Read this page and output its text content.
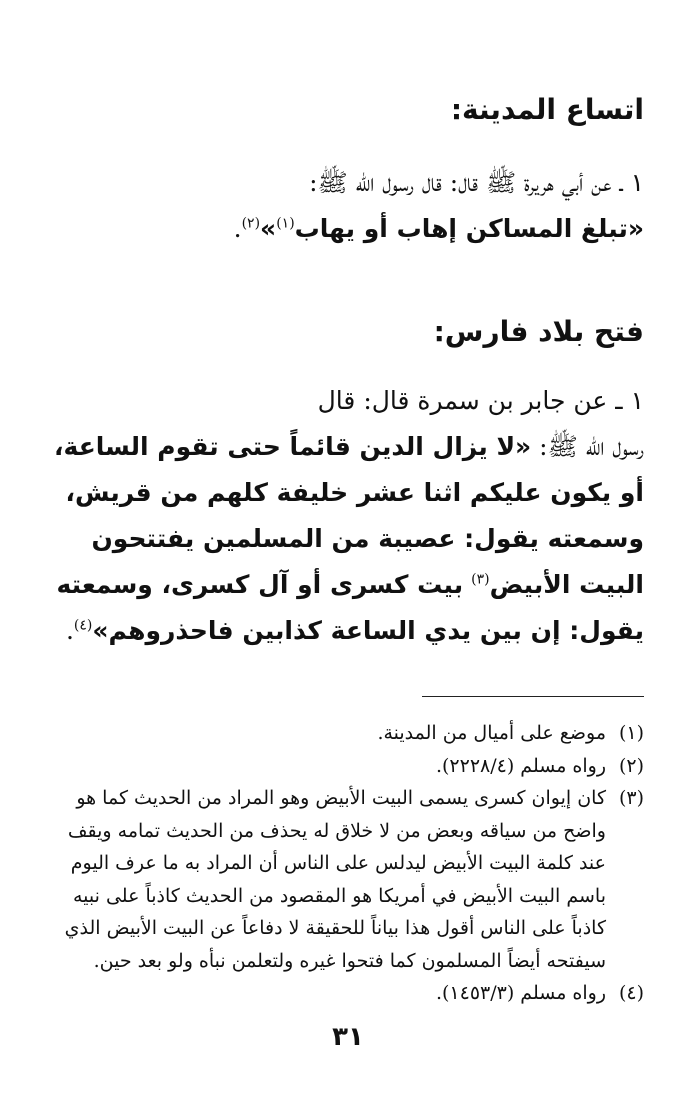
اتساع المدينة:

١ ـ عن أبي هريرة ﷺ قال: قال رسول الله ﷺ:
«تبلغ المساكن إهاب أو يهاب$^{(١)}$»$^{(٢)}$.

فتح بلاد فارس:

١ ـ عن جابر بن سمرة قال: قال
رسول الله ﷺ: «لا يزال الدين قائماً حتى تقوم الساعة، أو يكون عليكم اثنا عشر خليفة كلهم من قريش، وسمعته يقول: عصيبة من المسلمين يفتتحون البيت الأبيض$^{(٣)}$ بيت كسرى أو آل كسرى، وسمعته يقول: إن بين يدي الساعة كذابين فاحذروهم»$^{(٤)}$.

(١)
موضع على أميال من المدينة.
(٢)
رواه مسلم (٢٢٢٨/٤).
(٣)
كان إيوان كسرى يسمى البيت الأبيض وهو المراد من الحديث كما هو واضح من سياقه وبعض من لا خلاق له يحذف من الحديث تمامه ويقف عند كلمة البيت الأبيض ليدلس على الناس أن المراد به ما عرف اليوم باسم البيت الأبيض في أمريكا هو المقصود من الحديث كاذباً على نبيه كاذباً على الناس أقول هذا بياناً للحقيقة لا دفاعاً عن البيت الأبيض الذي سيفتحه أيضاً المسلمون كما فتحوا غيره ولتعلمن نبأه ولو بعد حين.
(٤)
رواه مسلم (١٤٥٣/٣).
٣١
